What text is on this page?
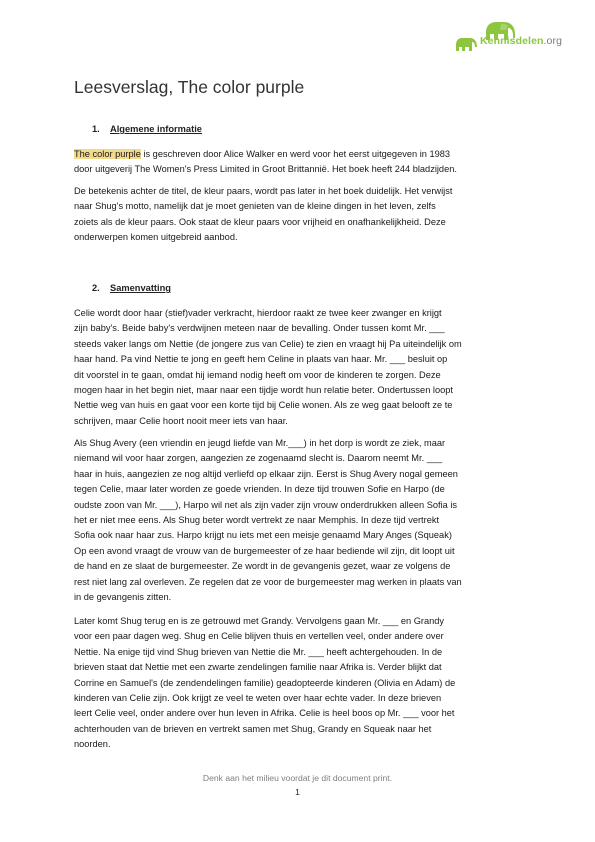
Kennisdelen.org
Leesverslag, The color purple
1. Algemene informatie
The color purple is geschreven door Alice Walker en werd voor het eerst uitgegeven in 1983
door uitgeverij The Women's Press Limited in Groot Brittannië. Het boek heeft 244 bladzijden.
De betekenis achter de titel, de kleur paars, wordt pas later in het boek duidelijk. Het verwijst
naar Shug's motto, namelijk dat je moet genieten van de kleine dingen in het leven, zelfs
zoiets als de kleur paars. Ook staat de kleur paars voor vrijheid en onafhankelijkheid. Deze
onderwerpen komen uitgebreid aanbod.
2. Samenvatting
Celie wordt door haar (stief)vader verkracht, hierdoor raakt ze twee keer zwanger en krijgt
zijn baby's. Beide baby's verdwijnen meteen naar de bevalling. Onder tussen komt Mr. ___
steeds vaker langs om Nettie (de jongere zus van Celie) te zien en vraagt hij Pa uiteindelijk om
haar hand. Pa vind Nettie te jong en geeft hem Celine in plaats van haar. Mr. ___ besluit op
dit voorstel in te gaan, omdat hij iemand nodig heeft om voor de kinderen te zorgen. Deze
mogen haar in het begin niet, maar naar een tijdje wordt hun relatie beter. Ondertussen loopt
Nettie weg van huis en gaat voor een korte tijd bij Celie wonen. Als ze weg gaat belooft ze te
schrijven, maar Celie hoort nooit meer iets van haar.
Als Shug Avery (een vriendin en jeugd liefde van Mr.___) in het dorp is wordt ze ziek, maar
niemand wil voor haar zorgen, aangezien ze zogenaamd slecht is. Daarom neemt Mr. ___
haar in huis, aangezien ze nog altijd verliefd op elkaar zijn. Eerst is Shug Avery nogal gemeen
tegen Celie, maar later worden ze goede vrienden. In deze tijd trouwen Sofie en Harpo (de
oudste zoon van Mr. ___), Harpo wil net als zijn vader zijn vrouw onderdrukken alleen Sofia is
het er niet mee eens. Als Shug beter wordt vertrekt ze naar Memphis. In deze tijd vertrekt
Sofia ook naar haar zus. Harpo krijgt nu iets met een meisje genaamd Mary Anges (Squeak)
Op een avond vraagt de vrouw van de burgemeester of ze haar bediende wil zijn, dit loopt uit
de hand en ze slaat de burgemeester. Ze wordt in de gevangenis gezet, waar ze volgens de
rest niet lang zal overleven. Ze regelen dat ze voor de burgemeester mag werken in plaats van
in de gevangenis zitten.
Later komt Shug terug en is ze getrouwd met Grandy. Vervolgens gaan Mr. ___ en Grandy
voor een paar dagen weg. Shug en Celie blijven thuis en vertellen veel, onder andere over
Nettie. Na enige tijd vind Shug brieven van Nettie die Mr. ___ heeft achtergehouden. In de
brieven staat dat Nettie met een zwarte zendelingen familie naar Afrika is. Verder blijkt dat
Corrine en Samuel's (de zendendelingen familie) geadopteerde kinderen (Olivia en Adam) de
kinderen van Celie zijn. Ook krijgt ze veel te weten over haar echte vader. In deze brieven
leert Celie veel, onder andere over hun leven in Afrika. Celie is heel boos op Mr. ___ voor het
achterhouden van de brieven en vertrekt samen met Shug, Grandy en Squeak naar het
noorden.
Denk aan het milieu voordat je dit document print.
1
